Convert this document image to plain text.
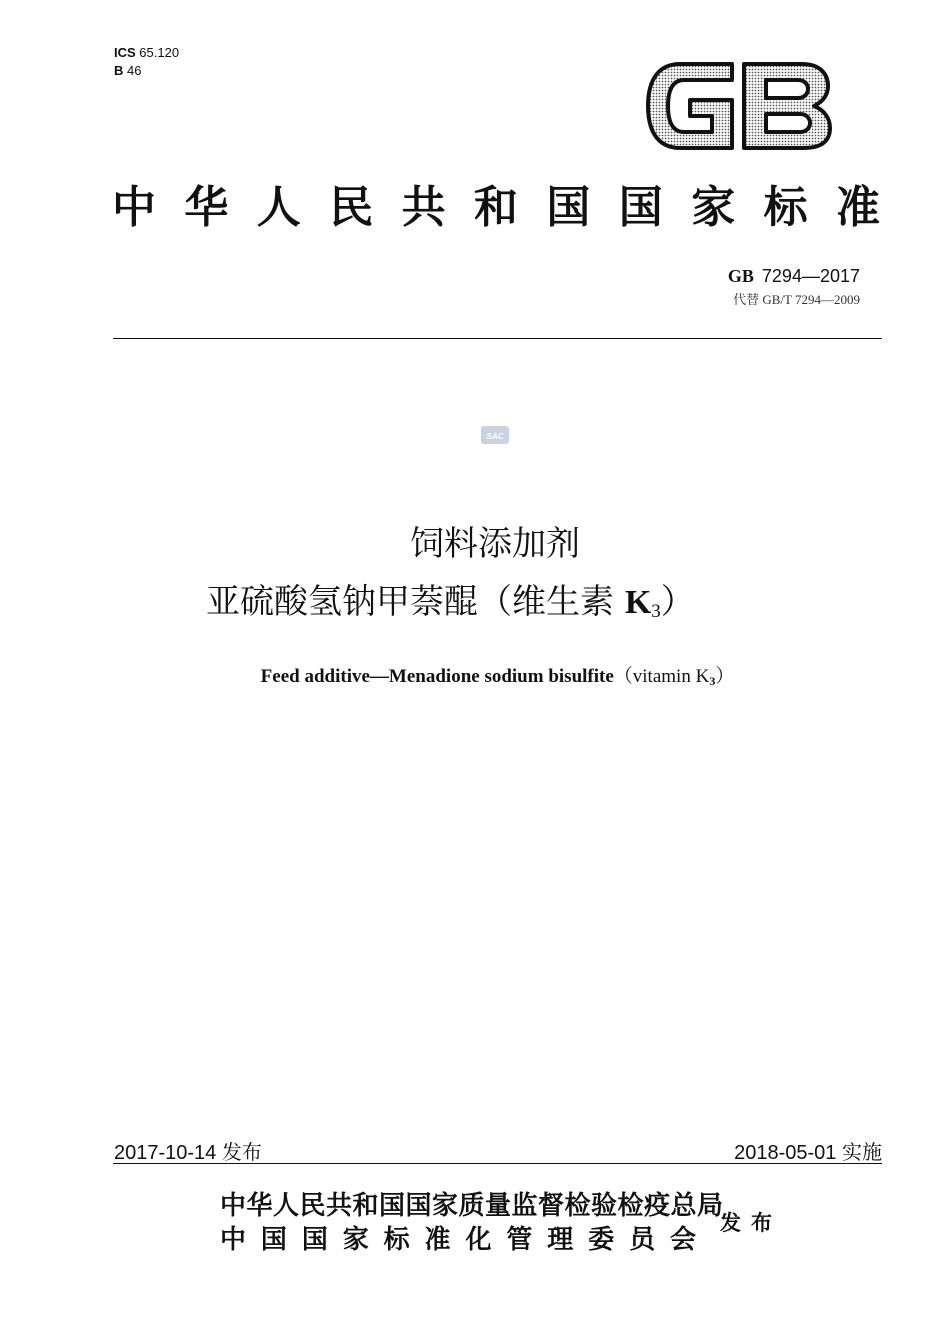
ICS 65.120
B 46
GB
中华人民共和国国家标准
GB 7294—2017
代替 GB/T 7294—2009
SAC
饲料添加剂
亚硫酸氢钠甲萘醌（维生素 $K_3$）
Feed additive—Menadione sodium bisulfite（vitamin $K_3$）
2017-10-14 发布	2018-05-01 实施
中华人民共和国国家质量监督检验检疫总局
中国国家标准化管理委员会
发布
